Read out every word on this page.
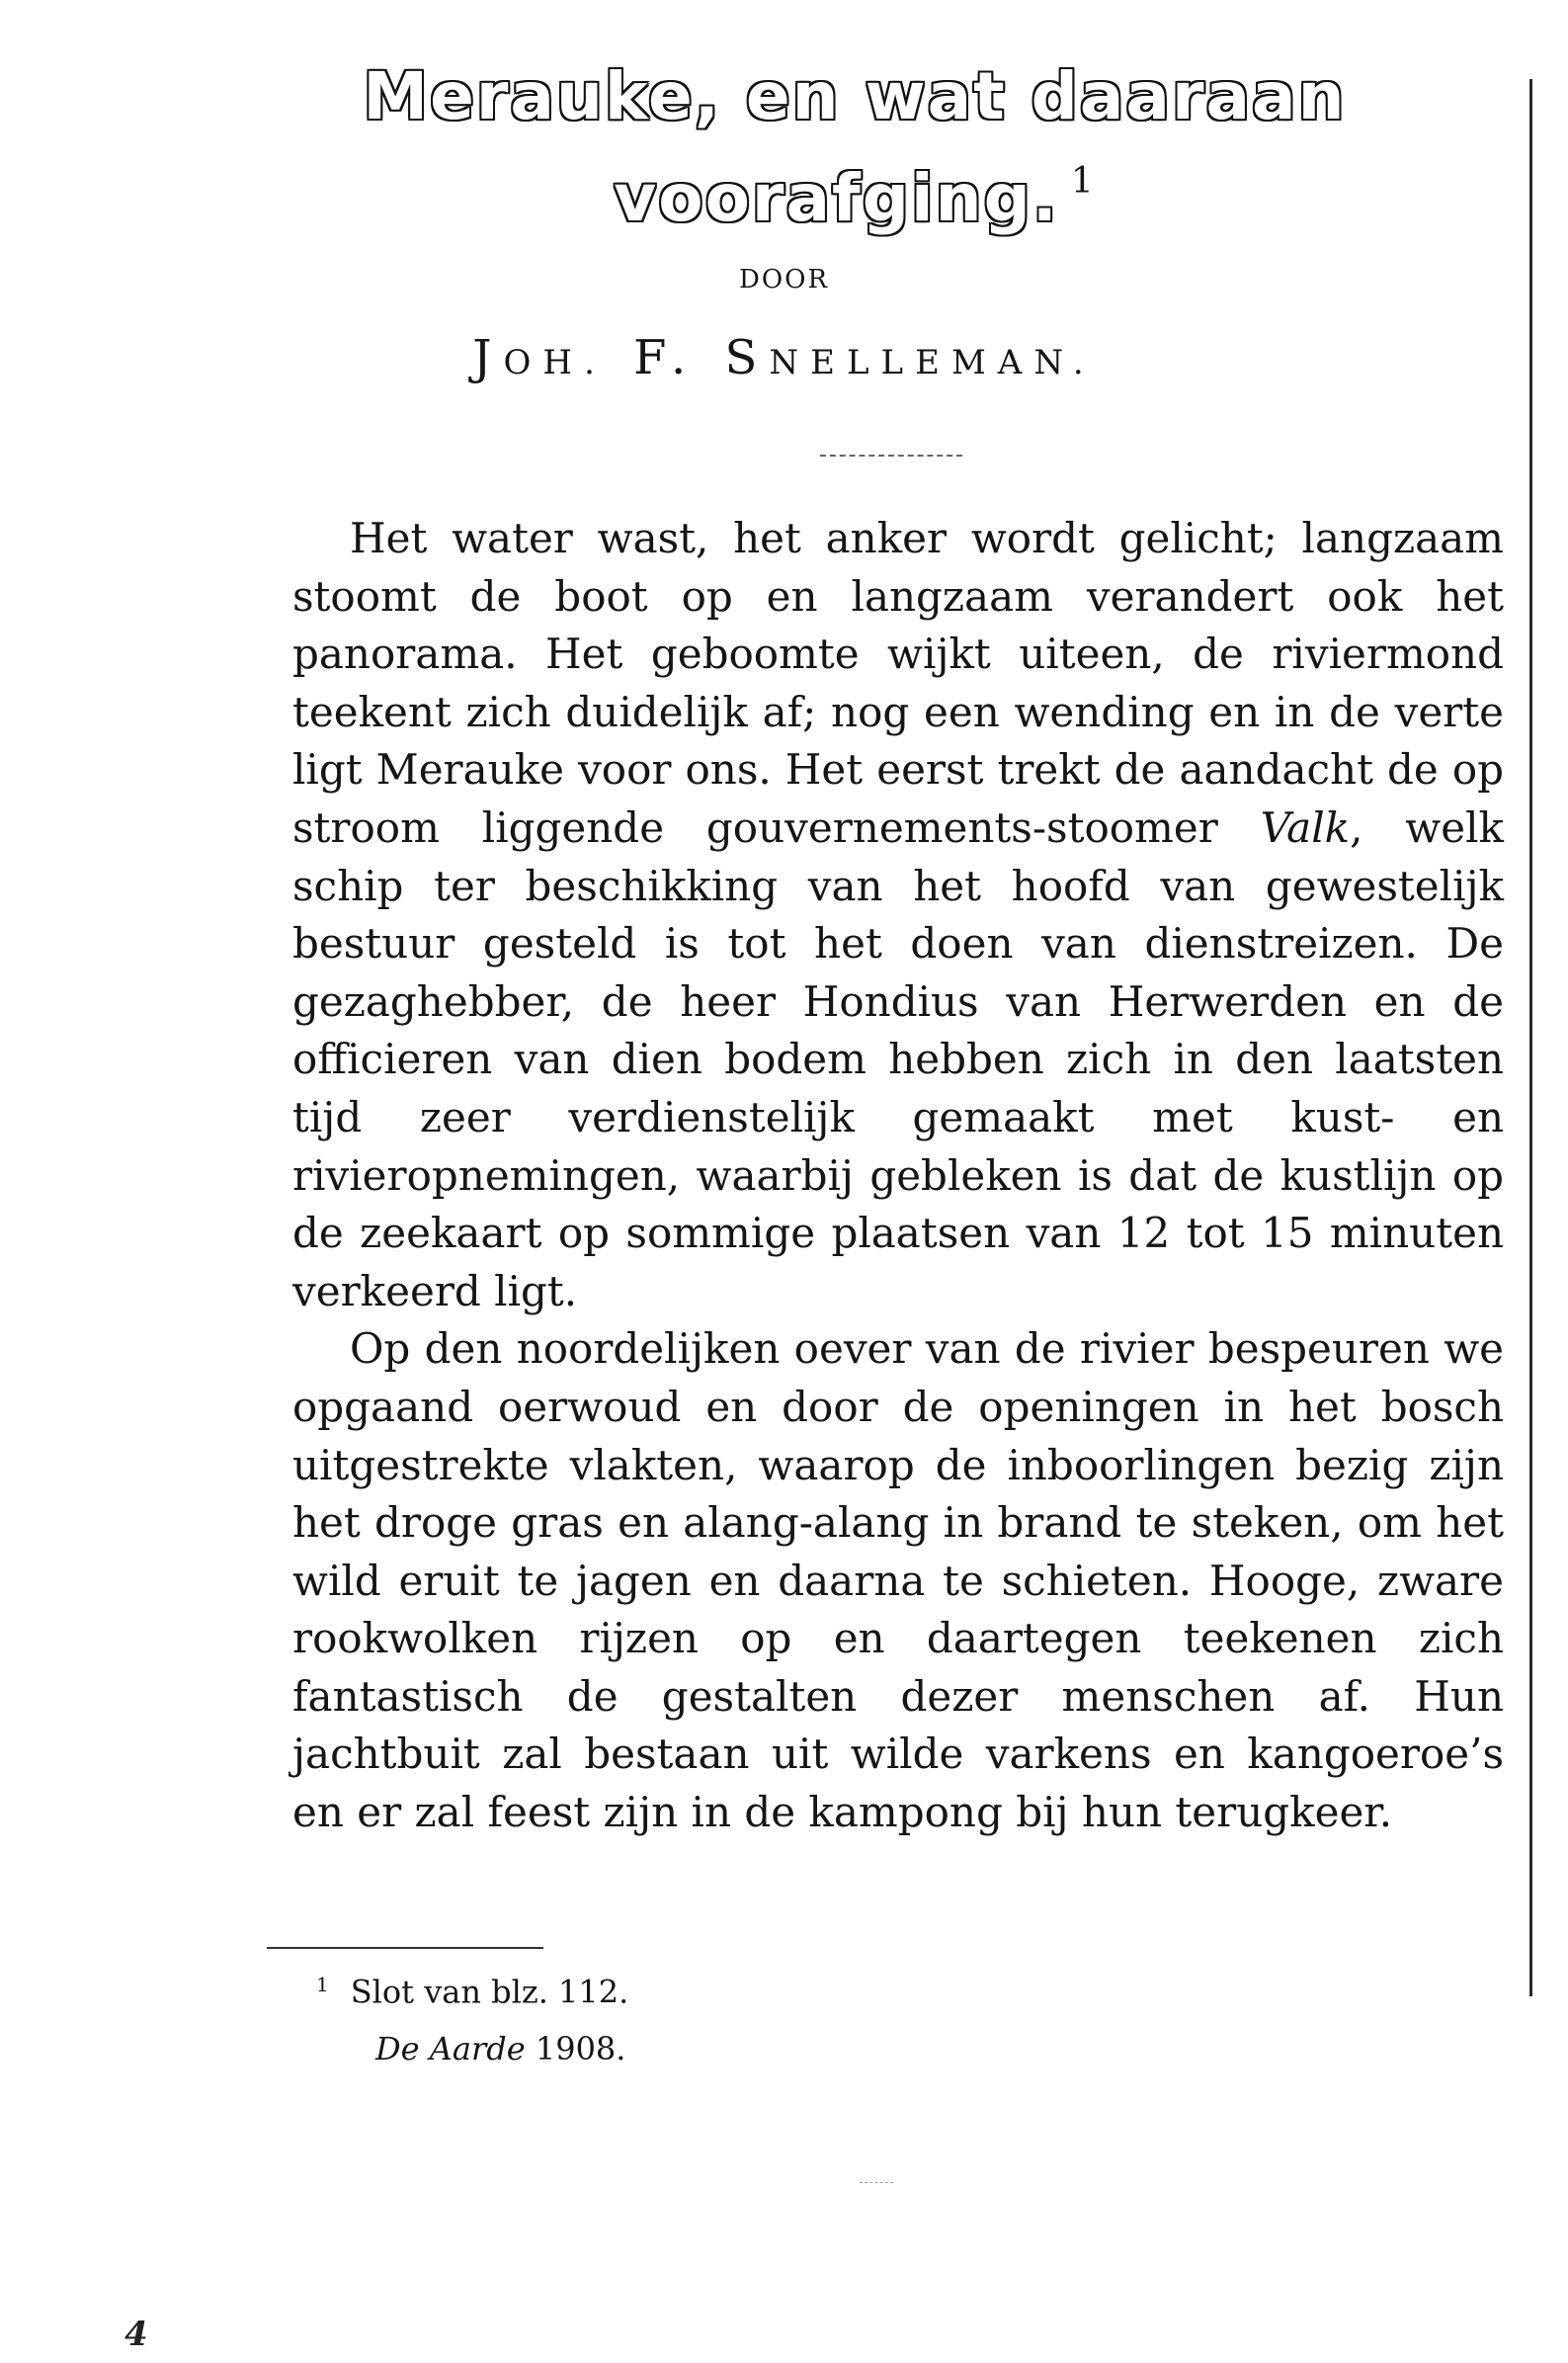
Merauke, en wat daaraan
voorafging. $^1$
DOOR
JOH. F. SNELLEMAN.

Het water wast, het anker wordt gelicht; langzaam stoomt de boot op en langzaam verandert ook het panorama. Het geboomte wijkt uiteen, de riviermond teekent zich duidelijk af; nog een wending en in de verte ligt Merauke voor ons. Het eerst trekt de aandacht de op stroom liggende gouvernements-stoomer Valk, welk schip ter beschikking van het hoofd van gewestelijk bestuur gesteld is tot het doen van dienstreizen. De gezaghebber, de heer Hondius van Herwerden en de officieren van dien bodem hebben zich in den laatsten tijd zeer verdienstelijk gemaakt met kust- en rivieropnemingen, waarbij gebleken is dat de kustlijn op de zeekaart op sommige plaatsen van 12 tot 15 minuten verkeerd ligt.

Op den noordelijken oever van de rivier bespeuren we opgaand oerwoud en door de openingen in het bosch uitgestrekte vlakten, waarop de inboorlingen bezig zijn het droge gras en alang-alang in brand te steken, om het wild eruit te jagen en daarna te schieten. Hooge, zware rookwolken rijzen op en daartegen teekenen zich fantastisch de gestalten dezer menschen af. Hun jachtbuit zal bestaan uit wilde varkens en kangoeroe’s en er zal feest zijn in de kampong bij hun terugkeer.

$^1$ Slot van blz. 112.
De Aarde 1908.
4
